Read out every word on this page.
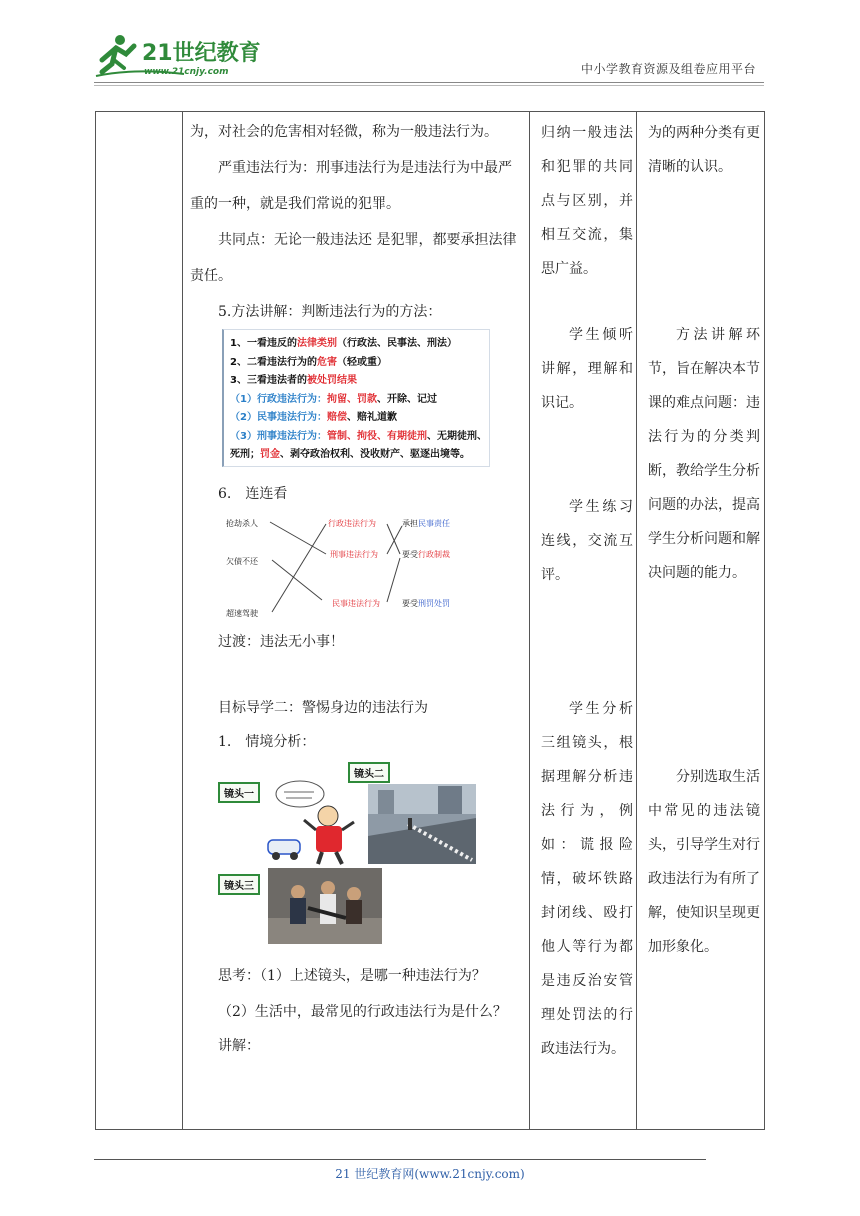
21世纪教育
www.21cnjy.com	中小学教育资源及组卷应用平台

为，对社会的危害相对轻微，称为一般违法行为。

严重违法行为：刑事违法行为是违法行为中最严重的一种，就是我们常说的犯罪。

共同点：无论一般违法还 是犯罪，都要承担法律责任。

5.方法讲解：判断违法行为的方法：

1、一看违反的法律类别（行政法、民事法、刑法）
2、二看违法行为的危害（轻或重）
3、三看违法者的被处罚结果
（1）行政违法行为：拘留、罚款、开除、记过
（2）民事违法行为：赔偿、赔礼道歉
（3）刑事违法行为：管制、拘役、有期徒刑、无期徒刑、
死刑；罚金、剥夺政治权利、没收财产、驱逐出境等。

6.　连连看

抢劫杀人
欠债不还
超速驾驶
行政违法行为
刑事违法行为
民事违法行为
承担民事责任
要受行政制裁
要受刑罚处罚

过渡：违法无小事！

目标导学二：警惕身边的违法行为

1.　情境分析：

镜头一
镜头二
镜头三

思考：（1）上述镜头，是哪一种违法行为？

（2）生活中，最常见的行政违法行为是什么？

讲解：

归纳一般违法和犯罪的共同点与区别，并相互交流，集思广益。

学生倾听讲解，理解和识记。

学生练习连线，交流互评。

学生分析三组镜头，根据理解分析违法行为，例如：谎报险情，破坏铁路封闭线、殴打他人等行为都是违反治安管理处罚法的行政违法行为。

为的两种分类有更清晰的认识。

方法讲解环节，旨在解决本节课的难点问题：违法行为的分类判断，教给学生分析问题的办法，提高学生分析问题和解决问题的能力。

分别选取生活中常见的违法镜头，引导学生对行政违法行为有所了解，使知识呈现更加形象化。

21 世纪教育网(www.21cnjy.com)
